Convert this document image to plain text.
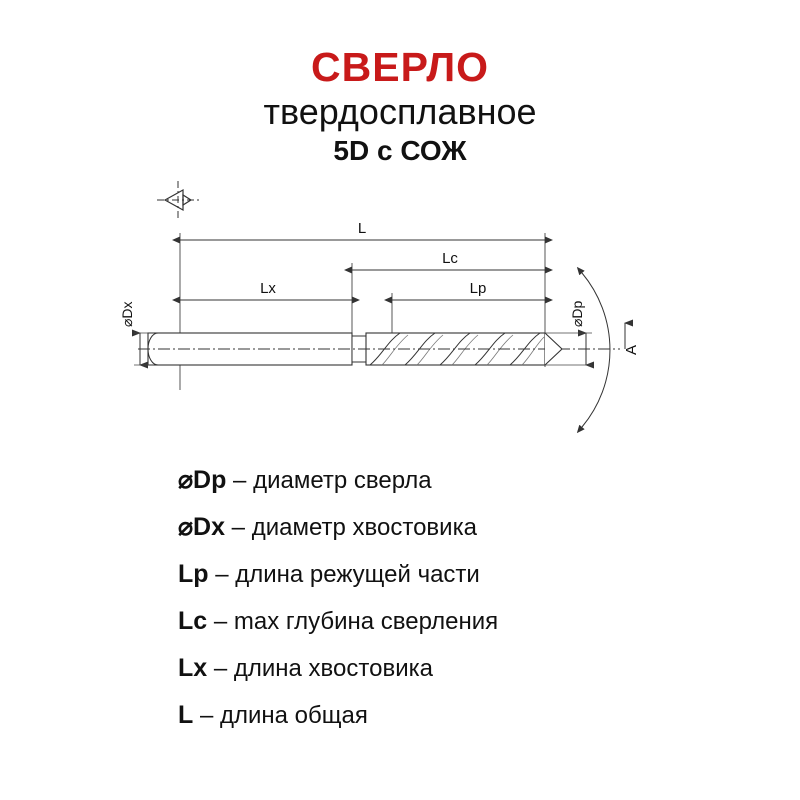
СВЕРЛО
твердосплавное
5D с СОЖ
L
Lc
Lx	Lp
⌀Dx	⌀Dp
A
⌀Dp – диаметр сверла
⌀Dx – диаметр хвостовика
Lp – длина режущей части
Lc – max глубина сверления
Lx – длина хвостовика
L – длина общая
